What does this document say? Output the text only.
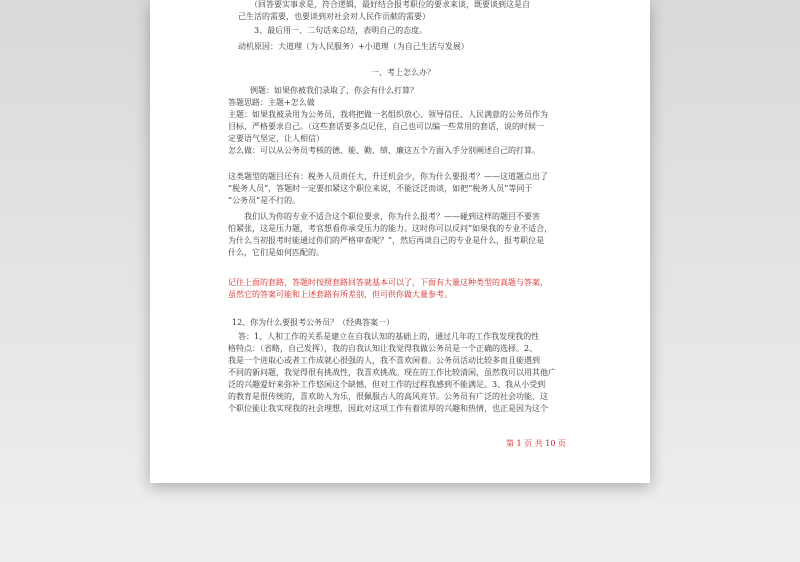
（回答要实事求是，符合逻辑，最好结合报考职位的要求来谈，既要谈到这是自
己生活的需要，也要谈到对社会对人民作贡献的需要）
3、最后用一、二句话来总结，表明自己的态度。
动机原因：大道理（为人民服务）+小道理（为自己生活与发展）
一、考上怎么办？
例题：如果你被我们录取了，你会有什么打算？
答题思路：主题+怎么做
主题：如果我被录用为公务员，我将把做一名组织放心、领导信任、人民满意的公务员作为
目标，严格要求自己。（这些套话要多点记住，自己也可以编一些常用的套话，说的时候一
定要语气坚定，让人相信）
怎么做：可以从公务员考核的德、能、勤、绩、廉这五个方面入手分别阐述自己的打算。
这类题型的题目还有：税务人员责任大，升迁机会少，你为什么要报考？——这道题点出了
“税务人员”，答题时一定要扣紧这个职位来说，不能泛泛而谈，如把“税务人员”等同于
“公务员”是不行的。
我们认为你的专业不适合这个职位要求，你为什么报考？——碰到这样的题目不要害
怕紧张，这是压力题，考官想看你承受压力的能力。这时你可以反问“如果我的专业不适合，
为什么当初报考时能通过你们的严格审查呢？”，然后再谈自己的专业是什么，报考职位是
什么，它们是如何匹配的。
记住上面的套路，答题时按照套路回答就基本可以了，下面有大量这种类型的真题与答案，
虽然它的答案可能和上述套路有所差别，但可供你做大量参考。
12、你为什么要报考公务员？（经典答案一）
答：1、人和工作的关系是建立在自我认知的基础上的，通过几年的工作我发现我的性
格特点：（省略，自己发挥），我的自我认知让我觉得我做公务员是一个正确的选择。2、
我是一个进取心或者工作成就心很强的人，我不喜欢闲着。公务员活动比较多而且能遇到
不同的新问题，我觉得很有挑战性，我喜欢挑战。现在的工作比较清闲，虽然我可以用其他广
泛的兴趣爱好来弥补工作悠闲这个缺憾，但对工作的过程我感到不能满足。3、我从小受到
的教育是很传统的，喜欢助人为乐，很佩服古人的高风亮节。公务员有广泛的社会功能，这
个职位能让我实现我的社会理想，因此对这项工作有着浓厚的兴趣和热情，也正是因为这个
第 1 页 共 10 页
